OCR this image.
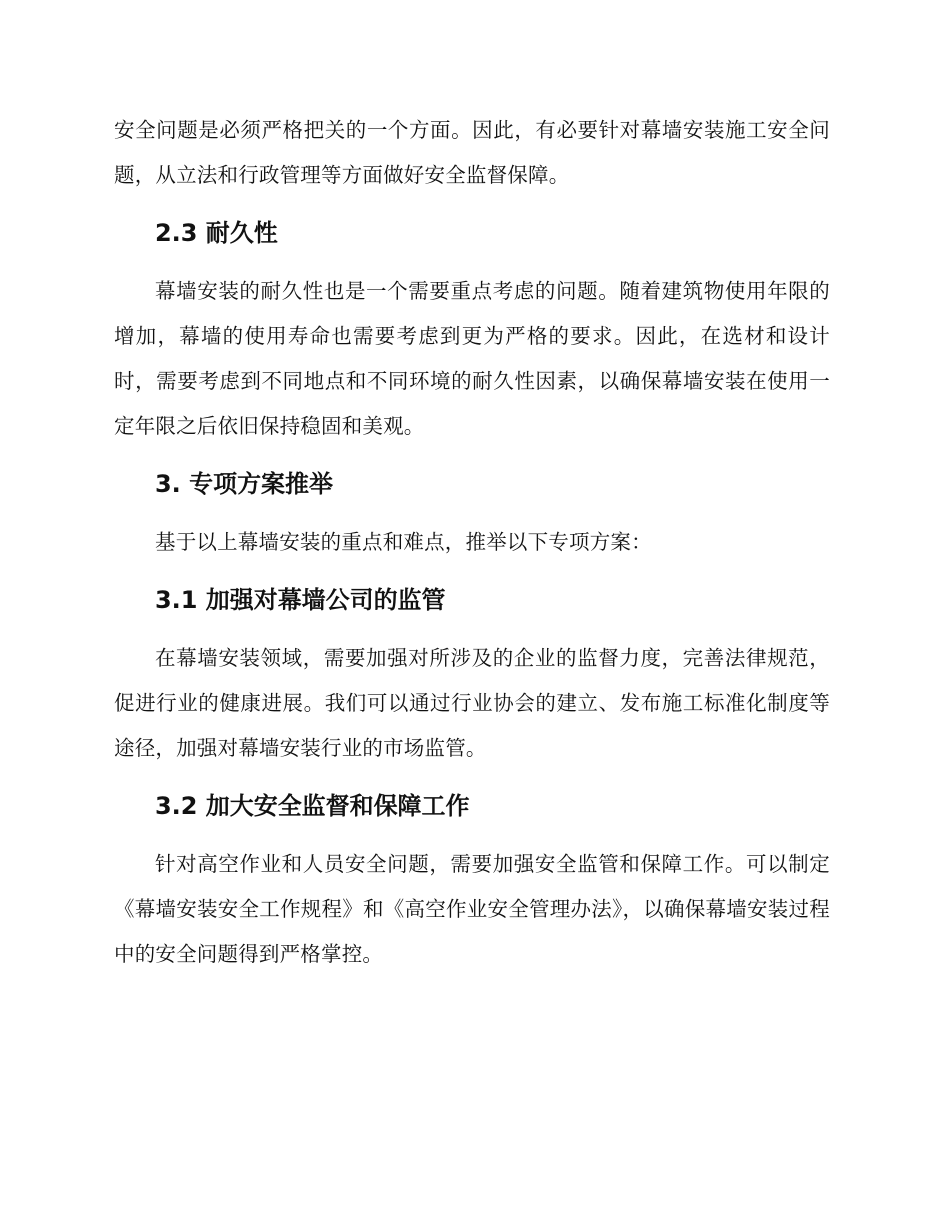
安全问题是必须严格把关的一个方面。因此，有必要针对幕墙安装施工安全问题，从立法和行政管理等方面做好安全监督保障。

2.3 耐久性

幕墙安装的耐久性也是一个需要重点考虑的问题。随着建筑物使用年限的增加，幕墙的使用寿命也需要考虑到更为严格的要求。因此，在选材和设计时，需要考虑到不同地点和不同环境的耐久性因素，以确保幕墙安装在使用一定年限之后依旧保持稳固和美观。

3. 专项方案推举

基于以上幕墙安装的重点和难点，推举以下专项方案：

3.1 加强对幕墙公司的监管

在幕墙安装领域，需要加强对所涉及的企业的监督力度，完善法律规范，促进行业的健康进展。我们可以通过行业协会的建立、发布施工标准化制度等途径，加强对幕墙安装行业的市场监管。

3.2 加大安全监督和保障工作

针对高空作业和人员安全问题，需要加强安全监管和保障工作。可以制定《幕墙安装安全工作规程》和《高空作业安全管理办法》，以确保幕墙安装过程中的安全问题得到严格掌控。
